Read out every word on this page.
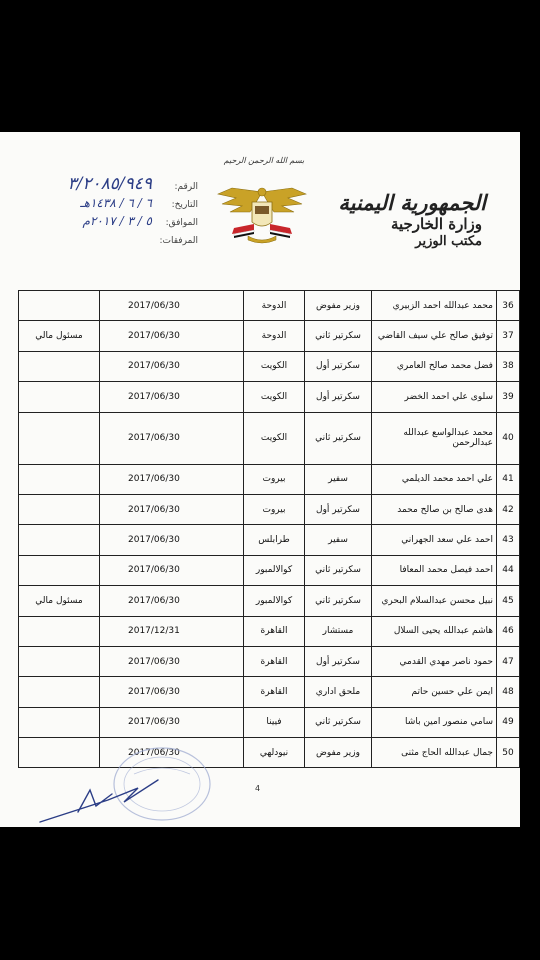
بسم الله الرحمن الرحيم
الجمهورية اليمنية
وزارة الخارجية
مكتب الوزير
الرقم:
٣/٢٠٨٥/٩٤٩
التاريخ:
٦ / ٦ / ١٤٣٨هـ
الموافق:
٥ / ٣ / ٢٠١٧م
المرفقات:
36	محمد عبدالله احمد الزبيري	وزير مفوض	الدوحة	2017/06/30	
37	توفيق صالح علي سيف القاضي	سكرتير ثاني	الدوحة	2017/06/30	مسئول مالي
38	فضل محمد صالح العامري	سكرتير أول	الكويت	2017/06/30	
39	سلوى علي احمد الخضر	سكرتير أول	الكويت	2017/06/30	
40	محمد عبدالواسع عبدالله عبدالرحمن	سكرتير ثاني	الكويت	2017/06/30	
41	علي احمد محمد الديلمي	سفير	بيروت	2017/06/30	
42	هدى صالح بن صالح محمد	سكرتير أول	بيروت	2017/06/30	
43	احمد علي سعد الجهراني	سفير	طرابلس	2017/06/30	
44	احمد فيصل محمد المعافا	سكرتير ثاني	كوالالمبور	2017/06/30	
45	نبيل محسن عبدالسلام البحري	سكرتير ثاني	كوالالمبور	2017/06/30	مسئول مالي
46	هاشم عبدالله يحيى السلال	مستشار	القاهرة	2017/12/31	
47	حمود ناصر مهدي القدمي	سكرتير أول	القاهرة	2017/06/30	
48	ايمن علي حسين حاتم	ملحق اداري	القاهرة	2017/06/30	
49	سامي منصور امين باشا	سكرتير ثاني	فيينا	2017/06/30	
50	جمال عبدالله الحاج مثنى	وزير مفوض	نيودلهي	2017/06/30	
4
